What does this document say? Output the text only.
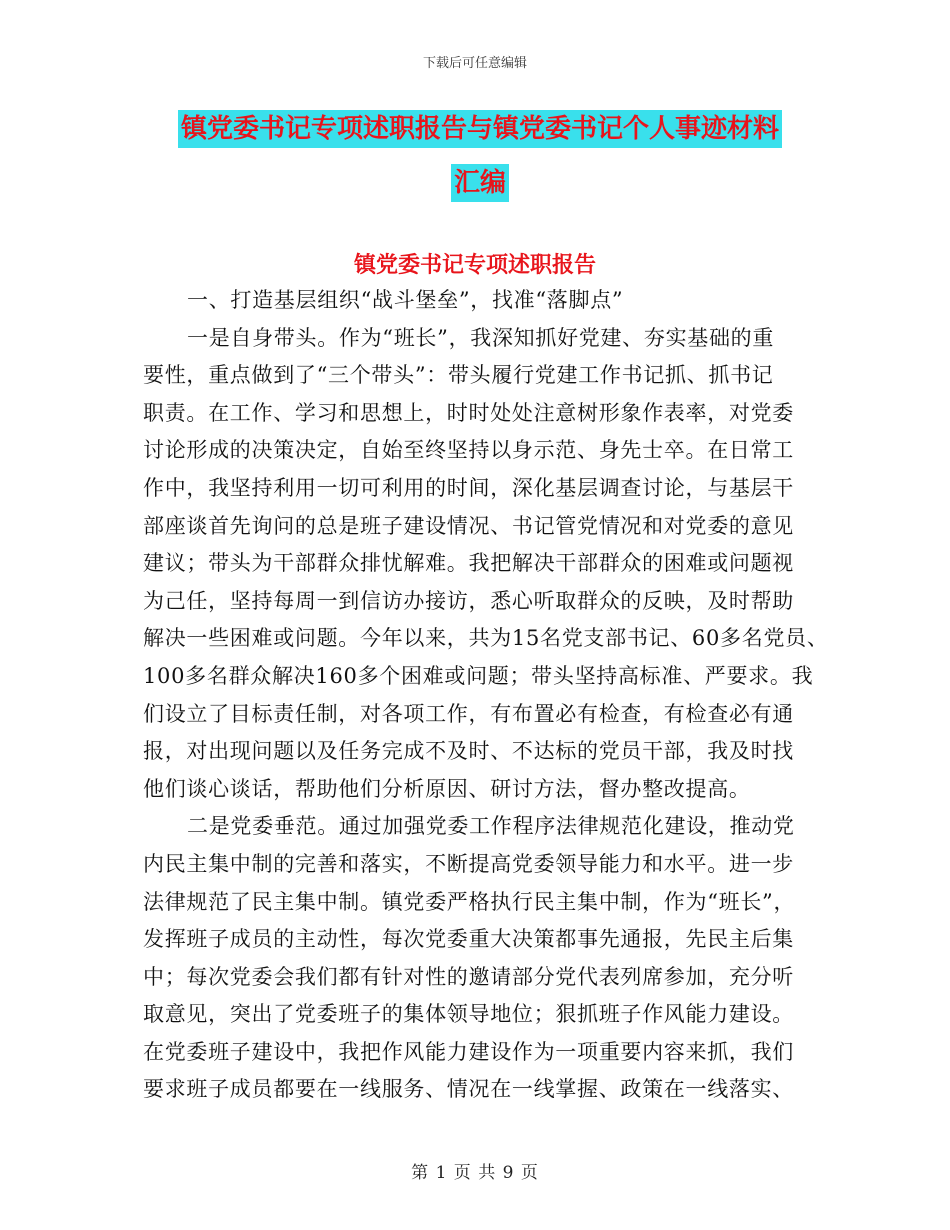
下载后可任意编辑
镇党委书记专项述职报告与镇党委书记个人事迹材料
汇编
镇党委书记专项述职报告
一、打造基层组织“战斗堡垒”，找准“落脚点”
一是自身带头。作为“班长”，我深知抓好党建、夯实基础的重
要性，重点做到了“三个带头”：带头履行党建工作书记抓、抓书记
职责。在工作、学习和思想上，时时处处注意树形象作表率，对党委
讨论形成的决策决定，自始至终坚持以身示范、身先士卒。在日常工
作中，我坚持利用一切可利用的时间，深化基层调查讨论，与基层干
部座谈首先询问的总是班子建设情况、书记管党情况和对党委的意见
建议；带头为干部群众排忧解难。我把解决干部群众的困难或问题视
为己任，坚持每周一到信访办接访，悉心听取群众的反映，及时帮助
解决一些困难或问题。今年以来，共为15名党支部书记、60多名党员、
100多名群众解决160多个困难或问题；带头坚持高标准、严要求。我
们设立了目标责任制，对各项工作，有布置必有检查，有检查必有通
报，对出现问题以及任务完成不及时、不达标的党员干部，我及时找
他们谈心谈话，帮助他们分析原因、研讨方法，督办整改提高。
二是党委垂范。通过加强党委工作程序法律规范化建设，推动党
内民主集中制的完善和落实，不断提高党委领导能力和水平。进一步
法律规范了民主集中制。镇党委严格执行民主集中制，作为“班长”，
发挥班子成员的主动性，每次党委重大决策都事先通报，先民主后集
中；每次党委会我们都有针对性的邀请部分党代表列席参加，充分听
取意见，突出了党委班子的集体领导地位；狠抓班子作风能力建设。
在党委班子建设中，我把作风能力建设作为一项重要内容来抓，我们
要求班子成员都要在一线服务、情况在一线掌握、政策在一线落实、
第 1 页 共 9 页
